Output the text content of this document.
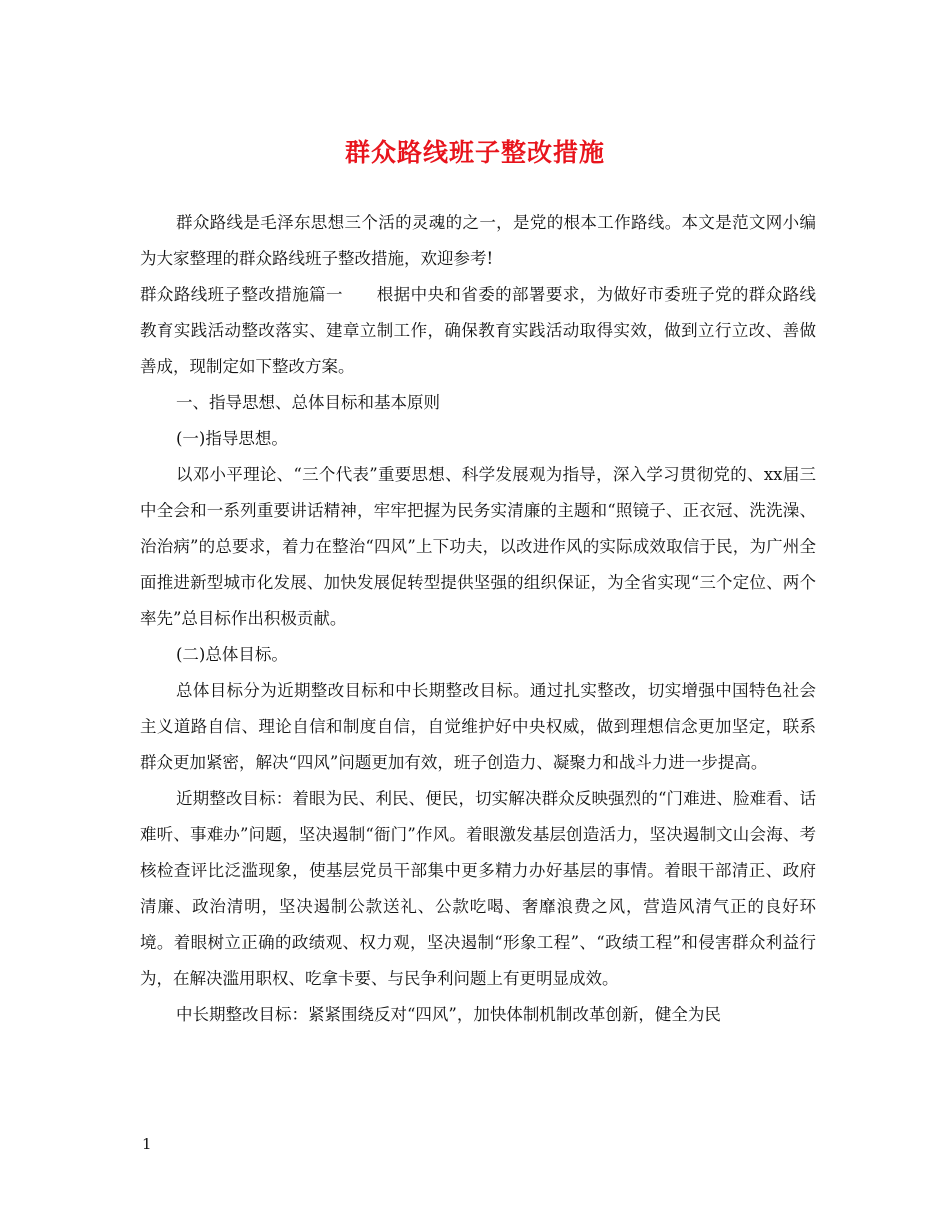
群众路线班子整改措施

群众路线是毛泽东思想三个活的灵魂的之一，是党的根本工作路线。本文是范文网小编为大家整理的群众路线班子整改措施，欢迎参考!

群众路线班子整改措施篇一　　根据中央和省委的部署要求，为做好市委班子党的群众路线教育实践活动整改落实、建章立制工作，确保教育实践活动取得实效，做到立行立改、善做善成，现制定如下整改方案。

一、指导思想、总体目标和基本原则

(一)指导思想。

以邓小平理论、“三个代表”重要思想、科学发展观为指导，深入学习贯彻党的、xx届三中全会和一系列重要讲话精神，牢牢把握为民务实清廉的主题和“照镜子、正衣冠、洗洗澡、治治病”的总要求，着力在整治“四风”上下功夫，以改进作风的实际成效取信于民，为广州全面推进新型城市化发展、加快发展促转型提供坚强的组织保证，为全省实现“三个定位、两个率先”总目标作出积极贡献。

(二)总体目标。

总体目标分为近期整改目标和中长期整改目标。通过扎实整改，切实增强中国特色社会主义道路自信、理论自信和制度自信，自觉维护好中央权威，做到理想信念更加坚定，联系群众更加紧密，解决“四风”问题更加有效，班子创造力、凝聚力和战斗力进一步提高。

近期整改目标：着眼为民、利民、便民，切实解决群众反映强烈的“门难进、脸难看、话难听、事难办”问题，坚决遏制“衙门”作风。着眼激发基层创造活力，坚决遏制文山会海、考核检查评比泛滥现象，使基层党员干部集中更多精力办好基层的事情。着眼干部清正、政府清廉、政治清明，坚决遏制公款送礼、公款吃喝、奢靡浪费之风，营造风清气正的良好环境。着眼树立正确的政绩观、权力观，坚决遏制“形象工程”、“政绩工程”和侵害群众利益行为，在解决滥用职权、吃拿卡要、与民争利问题上有更明显成效。

中长期整改目标：紧紧围绕反对“四风”，加快体制机制改革创新，健全为民

1
